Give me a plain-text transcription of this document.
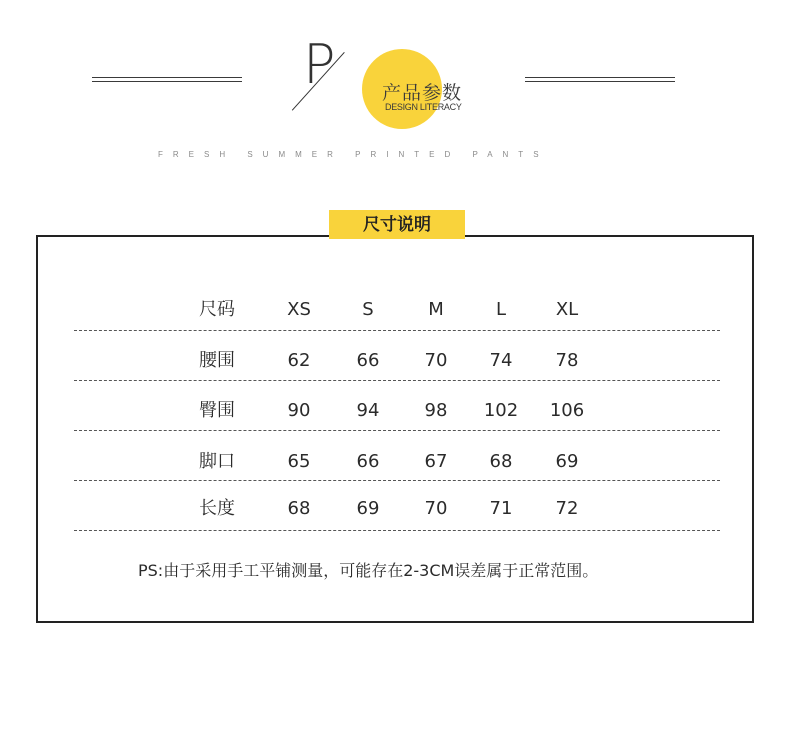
P 产品参数
DESIGN LITERACY
FRESH SUMMER PRINTED PANTS
尺寸说明
尺码	XS	S	M	L	XL
腰围	62	66	70 74 78
臀围	90	94	98 102 106
脚口	65	66	67 68 69
长度	68	69	70 71 72
PS:由于采用手工平铺测量，可能存在2-3CM误差属于正常范围。
